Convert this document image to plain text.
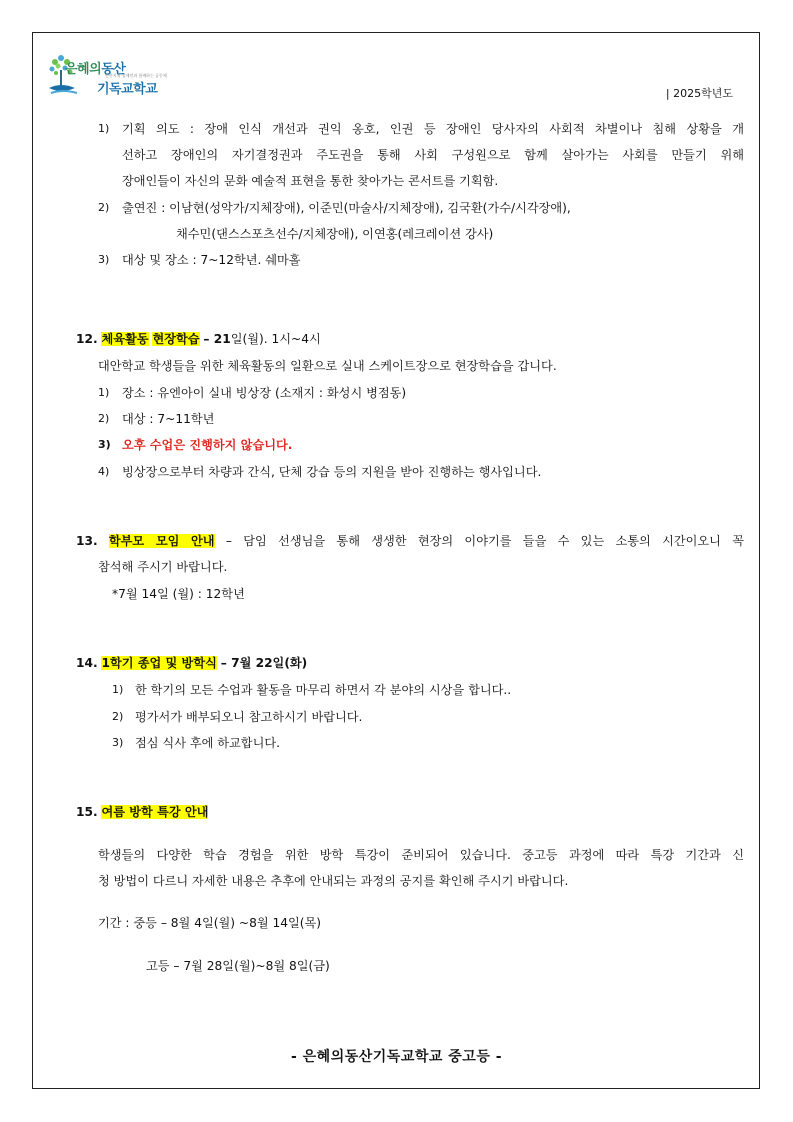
은혜의동산
안산지역 장애인과 함께하는 공동체
기독교학교	| 2025학년도
1) 기획 의도 : 장애 인식 개선과 권익 옹호, 인권 등 장애인 당사자의 사회적 차별이나 침해 상황을 개
선하고 장애인의 자기결정권과 주도권을 통해 사회 구성원으로 함께 살아가는 사회를 만들기 위해
장애인들이 자신의 문화 예술적 표현을 통한 찾아가는 콘서트를 기획함.
2) 출연진 : 이남현(성악가/지체장애), 이준민(마술사/지체장애), 김국환(가수/시각장애),
채수민(댄스스포츠선수/지체장애), 이연홍(레크레이션 강사)
3) 대상 및 장소 : 7~12학년. 쉐마홀
12. 체육활동 현장학습 – 21일(월). 1시~4시
대안학교 학생들을 위한 체육활동의 일환으로 실내 스케이트장으로 현장학습을 갑니다.
1) 장소 : 유엔아이 실내 빙상장 (소재지 : 화성시 병점동)
2) 대상 : 7~11학년
3) 오후 수업은 진행하지 않습니다.
4) 빙상장으로부터 차량과 간식, 단체 강습 등의 지원을 받아 진행하는 행사입니다.
13. 학부모 모임 안내 – 담임 선생님을 통해 생생한 현장의 이야기를 들을 수 있는 소통의 시간이오니 꼭
참석해 주시기 바랍니다.
*7월 14일 (월) : 12학년
14. 1학기 종업 및 방학식 – 7월 22일(화)
1) 한 학기의 모든 수업과 활동을 마무리 하면서 각 분야의 시상을 합니다..
2) 평가서가 배부되오니 참고하시기 바랍니다.
3) 점심 식사 후에 하교합니다.
15. 여름 방학 특강 안내
학생들의 다양한 학습 경험을 위한 방학 특강이 준비되어 있습니다. 중고등 과정에 따라 특강 기간과 신
청 방법이 다르니 자세한 내용은 추후에 안내되는 과정의 공지를 확인해 주시기 바랍니다.
기간 : 중등 – 8월 4일(월) ~8월 14일(목)
고등 – 7월 28일(월)~8월 8일(금)
- 은혜의동산기독교학교 중고등 -
